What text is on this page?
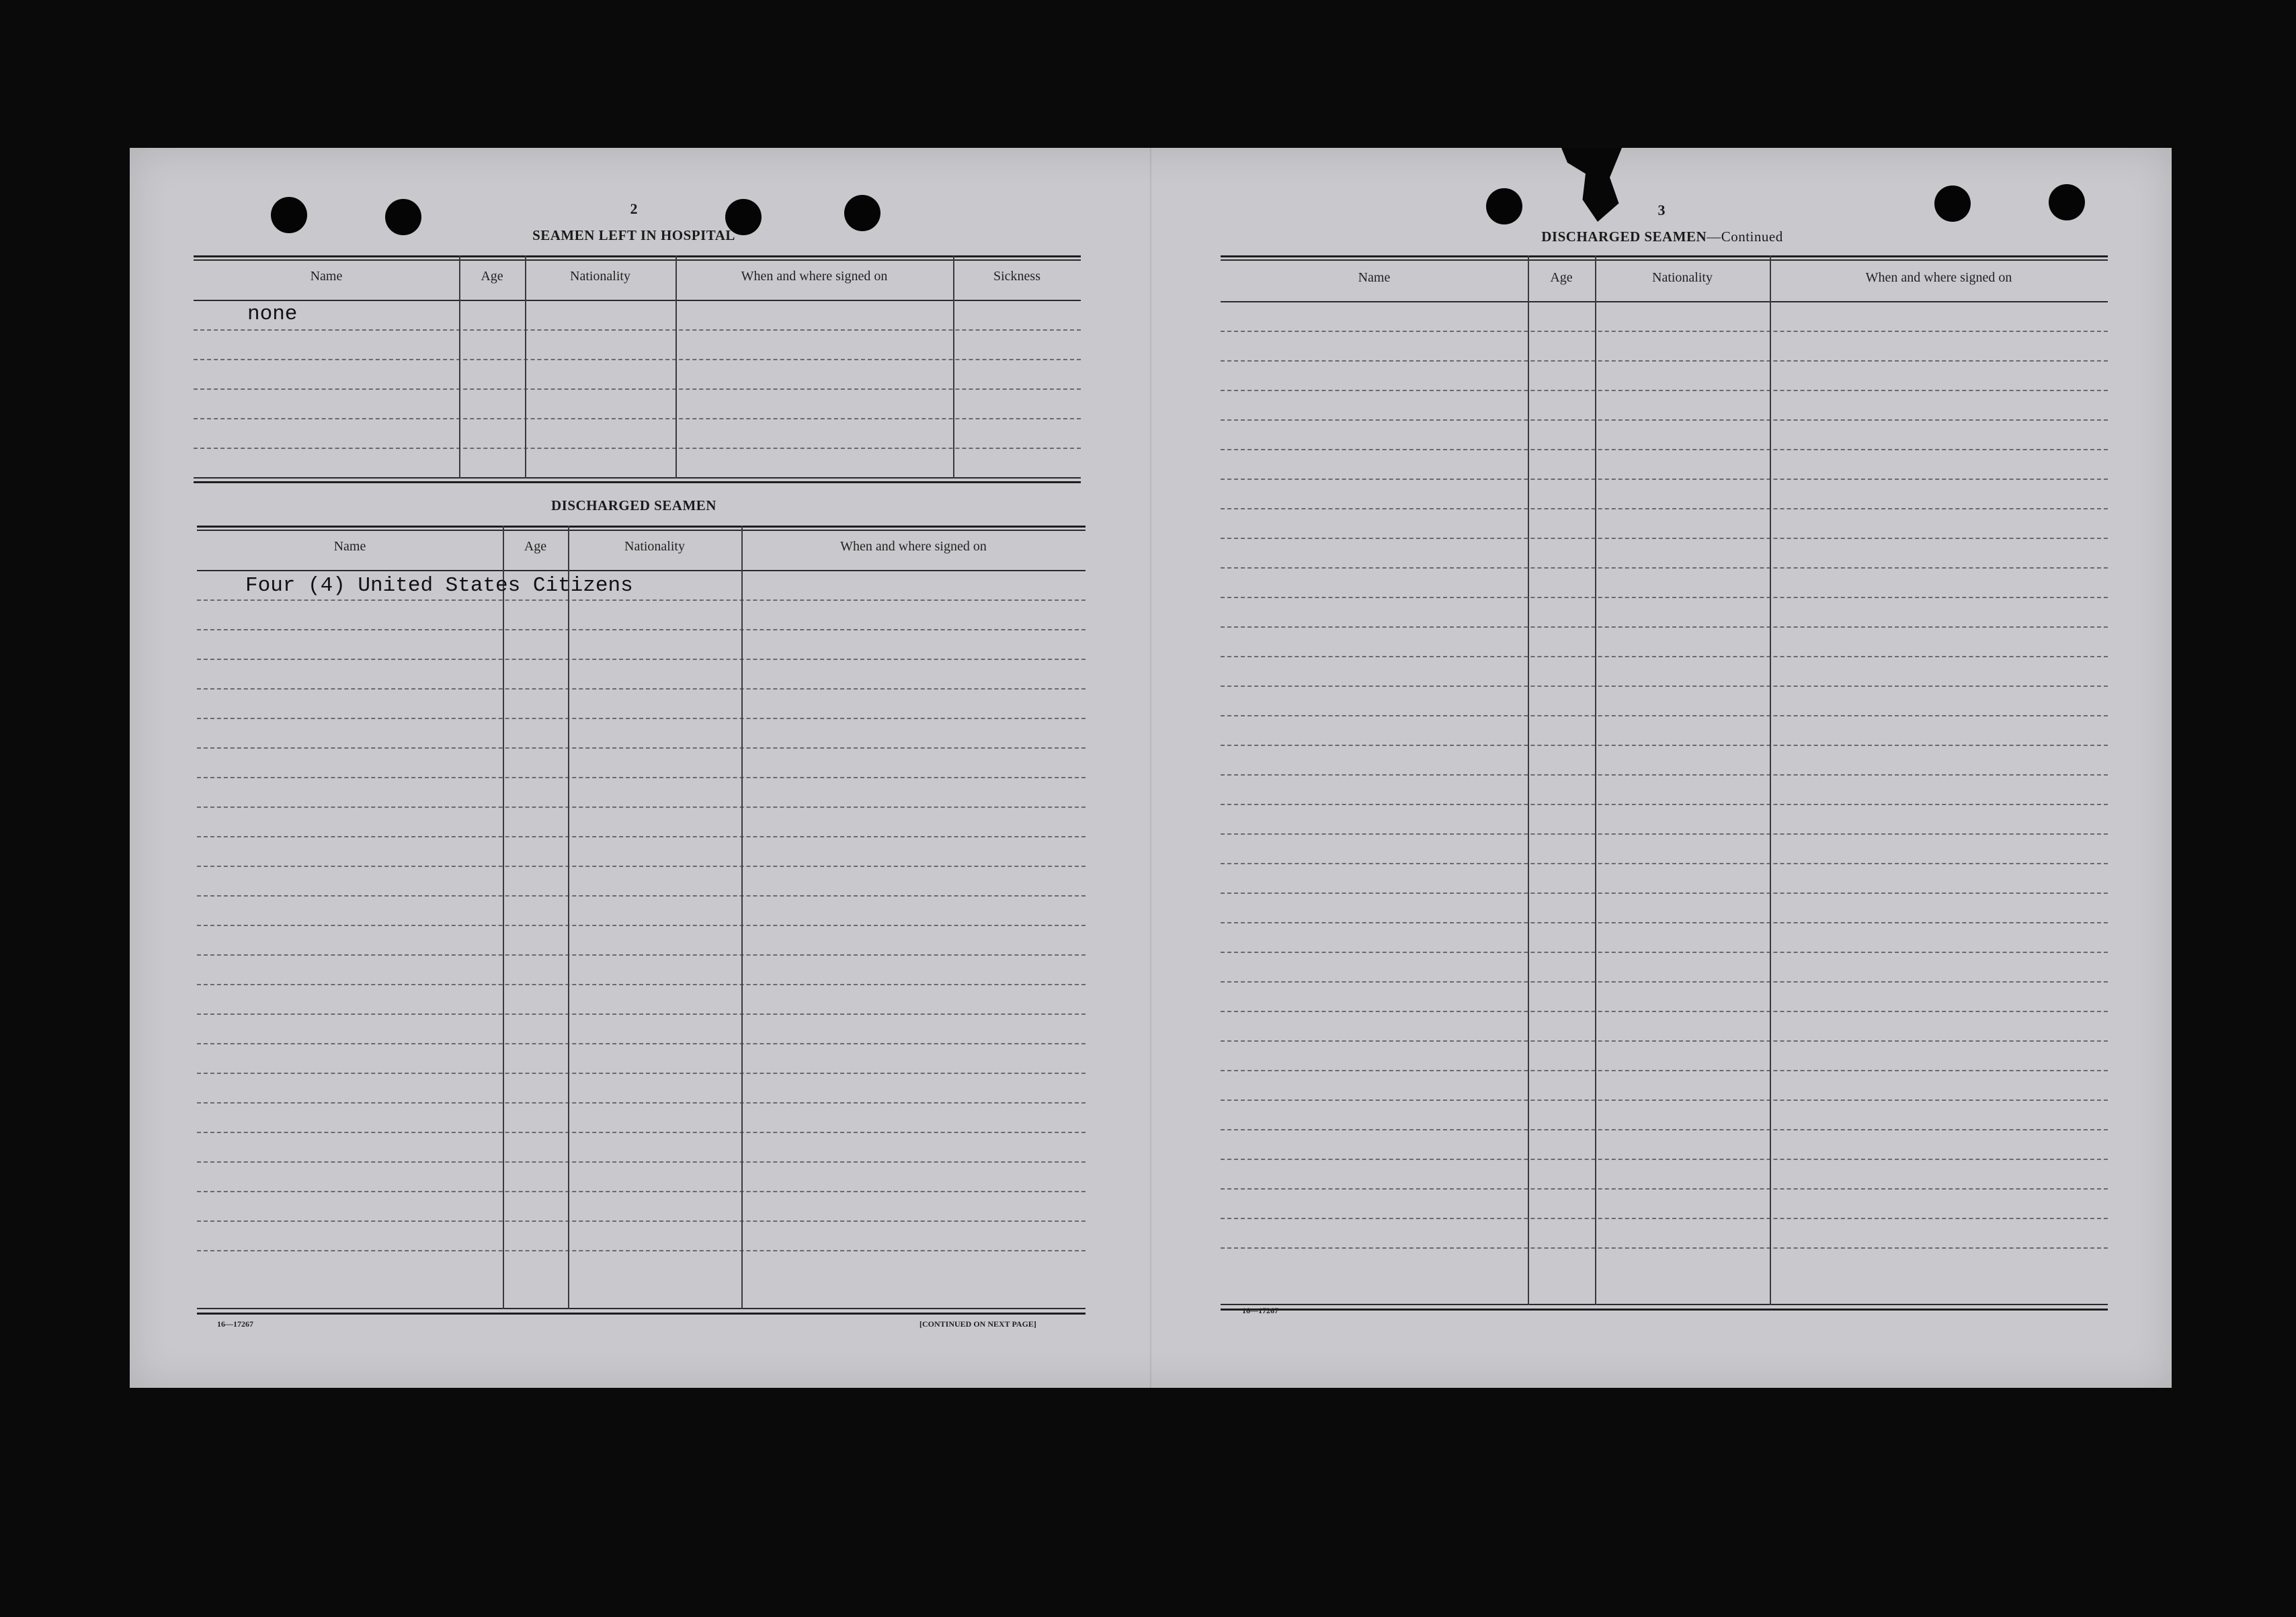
2
SEAMEN LEFT IN HOSPITAL
Name	Age	Nationality	When and where signed on	Sickness
none
DISCHARGED SEAMEN
Name	Age	Nationality	When and where signed on
Four (4) United States Citizens
16—17267	[CONTINUED ON NEXT PAGE]
3
DISCHARGED SEAMEN—Continued
Name	Age	Nationality	When and where signed on
16—17267
